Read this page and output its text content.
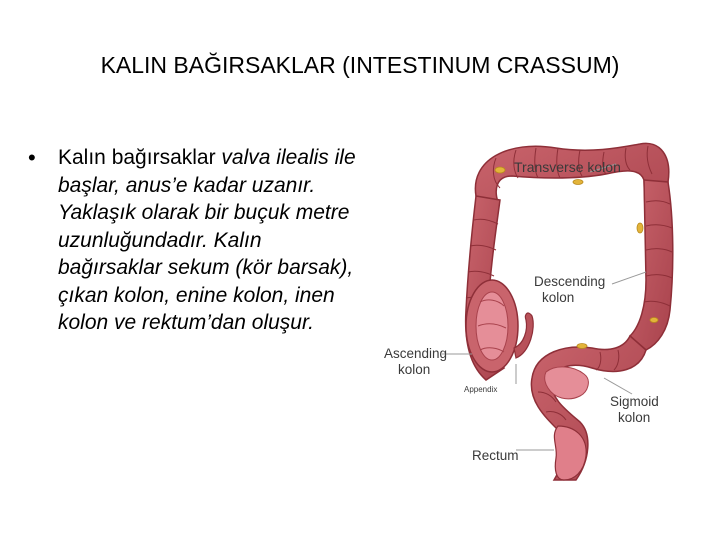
KALIN BAĞIRSAKLAR (INTESTINUM CRASSUM)
•	Kalın bağırsaklar valva ilealis ile başlar, anus’e kadar uzanır. Yaklaşık olarak bir buçuk metre uzunluğundadır. Kalın bağırsaklar sekum (kör barsak), çıkan kolon, enine kolon, inen kolon ve rektum’dan oluşur.
Transverse kolon
Descending
kolon
Ascending
kolon
Appendix
Sigmoid
kolon
Rectum
